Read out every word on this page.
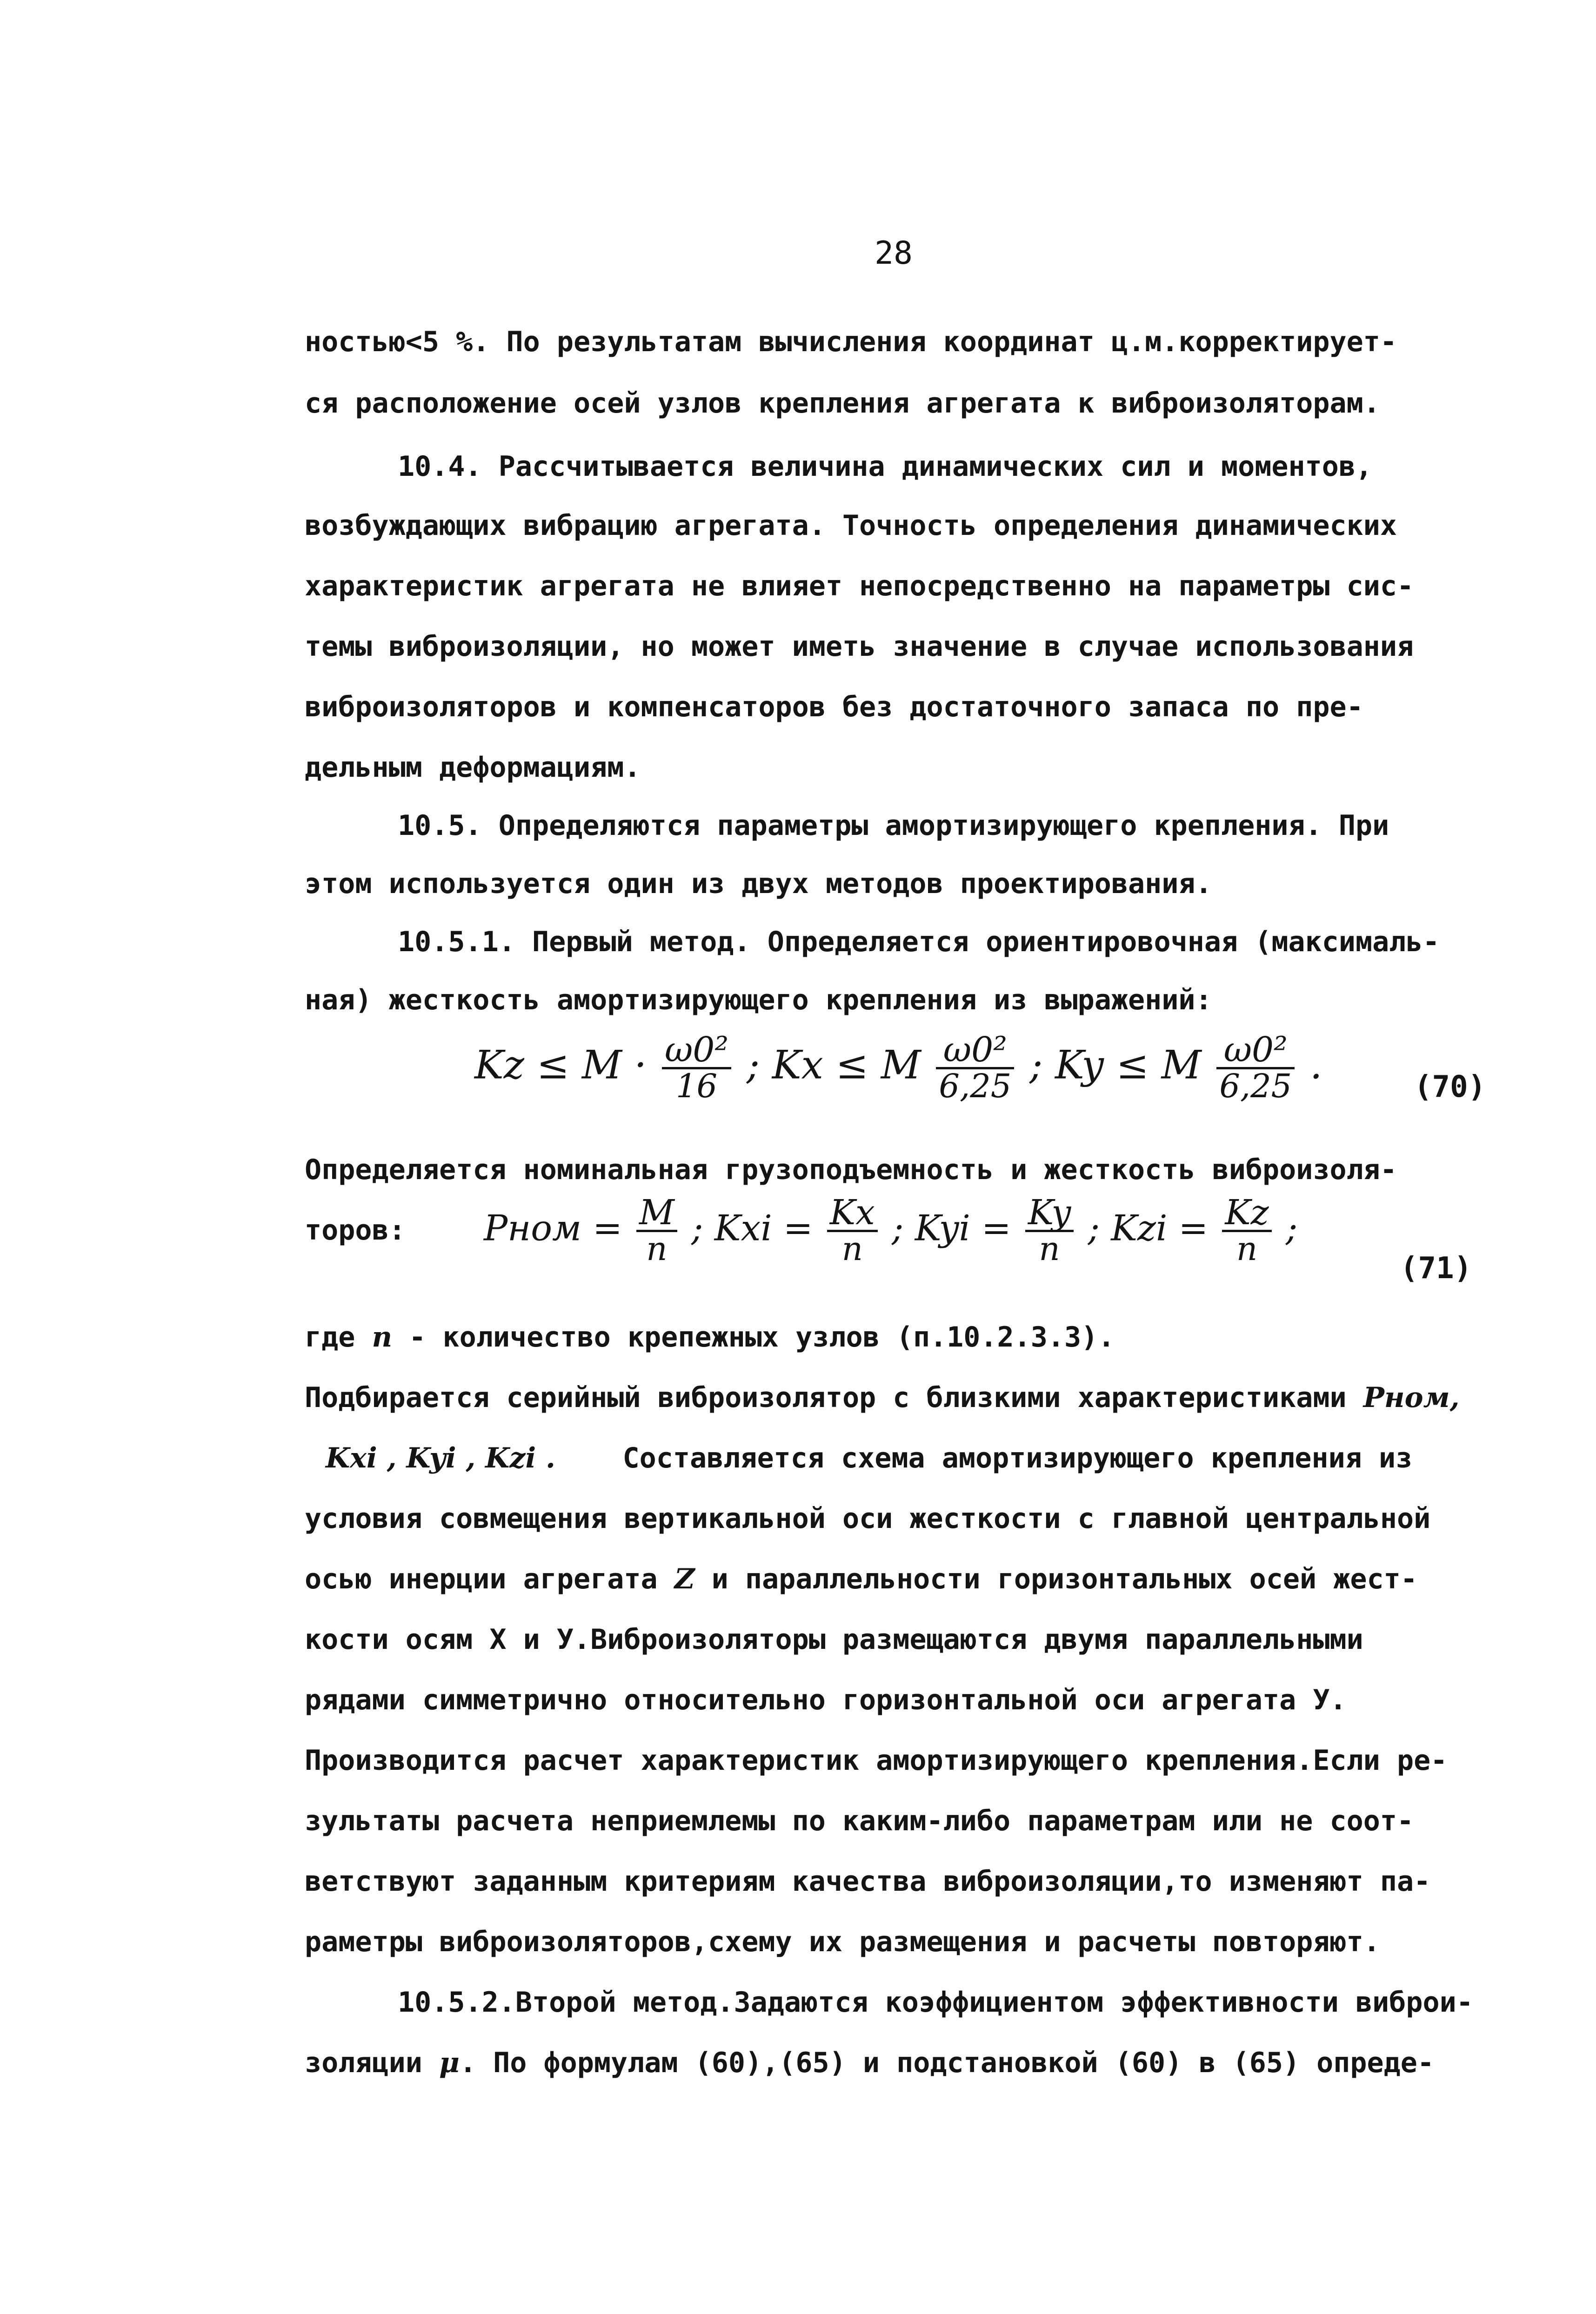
28
ностью<5 %. По результатам вычисления координат ц.м.корректирует-
ся расположение осей узлов крепления агрегата к виброизоляторам.
10.4. Рассчитывается величина динамических сил и моментов,
возбуждающих вибрацию агрегата. Точность определения динамических
характеристик агрегата не влияет непосредственно на параметры сис-
темы виброизоляции, но может иметь значение в случае использования
виброизоляторов и компенсаторов без достаточного запаса по пре-
дельным деформациям.
10.5. Определяются параметры амортизирующего крепления. При
этом используется один из двух методов проектирования.
10.5.1. Первый метод. Определяется ориентировочная (максималь-
ная) жесткость амортизирующего крепления из выражений:
$Kz \le M \cdot \frac{\text{ω0²}}{16}$ ; Kx ≤ M $\frac{\text{ω0²}}{6,25}$ ; Ky ≤ M $\frac{\text{ω0²}}{6,25}$ .	(70)
Определяется номинальная грузоподъемность и жесткость виброизоля-
торов: Pном = $\frac{M}{n}$ ; Kxi = $\frac{Kx}{n}$ ; Kyi = $\frac{Ky}{n}$ ; Kzi = $\frac{Kz}{n}$ ;
(71)
где n - количество крепежных узлов (п.10.2.3.3).
Подбирается серийный виброизолятор с близкими характеристиками Pном,
Kxi , Kyi , Kzi . Составляется схема амортизирующего крепления из
условия совмещения вертикальной оси жесткости с главной центральной
осью инерции агрегата Z и параллельности горизонтальных осей жест-
кости осям X и У.Виброизоляторы размещаются двумя параллельными
рядами симметрично относительно горизонтальной оси агрегата У.
Производится расчет характеристик амортизирующего крепления.Если ре-
зультаты расчета неприемлемы по каким-либо параметрам или не соот-
ветствуют заданным критериям качества виброизоляции,то изменяют па-
раметры виброизоляторов,схему их размещения и расчеты повторяют.
10.5.2.Второй метод.Задаются коэффициентом эффективности виброи-
золяции μ. По формулам (60),(65) и подстановкой (60) в (65) опреде-
